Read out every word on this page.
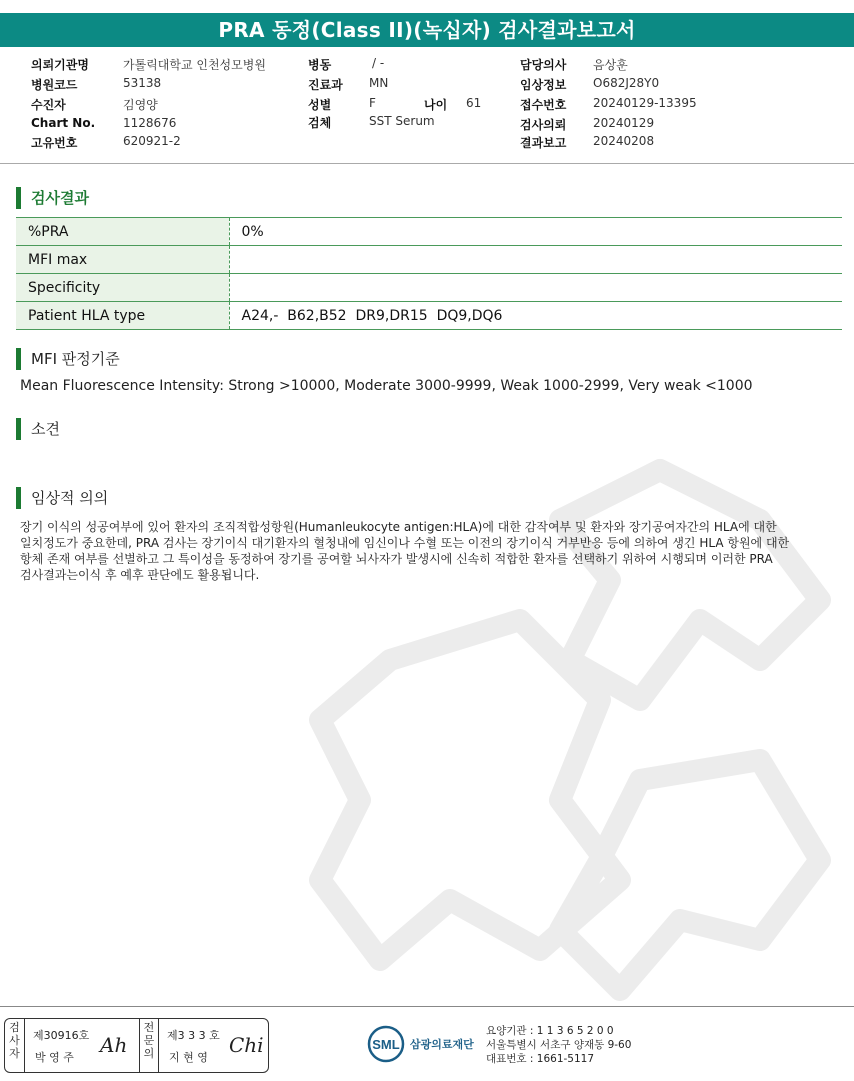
PRA 동정(Class II)(녹십자) 검사결과보고서
의뢰기관명	가톨릭대학교 인천성모병원
병원코드	53138
수진자	김영양
Chart No. 1128676
고유번호	620921-2
병동	/ -
진료과 MN
성별	F	나이 61
검체	SST Serum
담당의사 음상훈
임상정보 O682J28Y0
접수번호 20240129-13395
검사의뢰 20240129
결과보고 20240208
검사결과
%PRA	0%
MFI max	
Specificity	
Patient HLA type	A24,-  B62,B52  DR9,DR15  DQ9,DQ6
MFI 판정기준
Mean Fluorescence Intensity: Strong >10000, Moderate 3000-9999, Weak 1000-2999, Very weak <1000
소견
임상적 의의
장기 이식의 성공여부에 있어 환자의 조직적합성항원(Humanleukocyte antigen:HLA)에 대한 감작여부 및 환자와 장기공여자간의 HLA에 대한
일치정도가 중요한데, PRA 검사는 장기이식 대기환자의 혈청내에 임신이나 수혈 또는 이전의 장기이식 거부반응 등에 의하여 생긴 HLA 항원에 대한
항체 존재 여부를 선별하고 그 특이성을 동정하여 장기를 공여할 뇌사자가 발생시에 신속히 적합한 환자를 선택하기 위하여 시행되며 이러한 PRA
검사결과는이식 후 예후 판단에도 활용됩니다.
검사자
제30916호
박 영 주
Ah
전문의
제3 3 3 호
지 현 영
Chi	SML 삼광의료재단
요양기관 : 1 1 3 6 5 2 0 0
서울특별시 서초구 양재동 9-60
대표번호 : 1661-5117
